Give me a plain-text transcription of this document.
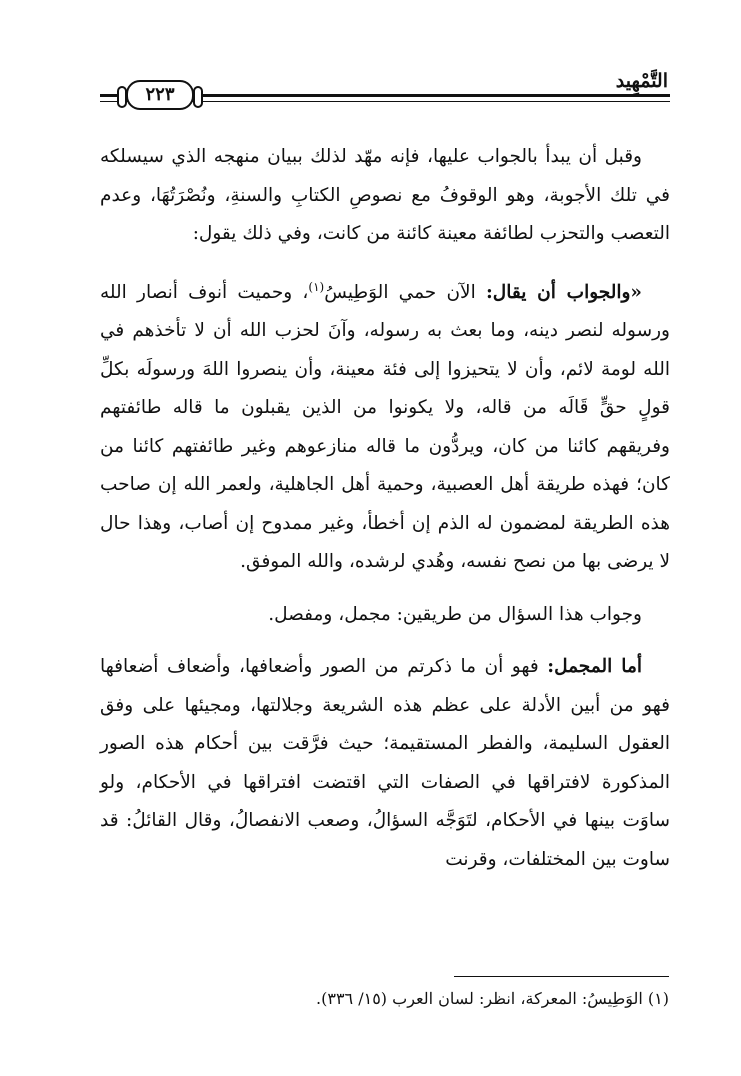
التَّمْهِيد
٢٢٣

وقبل أن يبدأ بالجواب عليها، فإنه مهّد لذلك ببيان منهجه الذي سيسلكه في تلك الأجوبة، وهو الوقوفُ مع نصوصِ الكتابِ والسنةِ، ونُصْرَتُهَا، وعدم التعصب والتحزب لطائفة معينة كائنة من كانت، وفي ذلك يقول:

«والجواب أن يقال: الآن حمي الوَطِيسُ$^{(١)}$، وحميت أنوف أنصار الله ورسوله لنصر دينه، وما بعث به رسوله، وآنَ لحزب الله أن لا تأخذهم في الله لومة لائم، وأن لا يتحيزوا إلى فئة معينة، وأن ينصروا اللهَ ورسولَه بكلِّ قولٍ حقٍّ قَالَه من قاله، ولا يكونوا من الذين يقبلون ما قاله طائفتهم وفريقهم كائنا من كان، ويردُّون ما قاله منازعوهم وغير طائفتهم كائنا من كان؛ فهذه طريقة أهل العصبية، وحمية أهل الجاهلية، ولعمر الله إن صاحب هذه الطريقة لمضمون له الذم إن أخطأ، وغير ممدوح إن أصاب، وهذا حال لا يرضى بها من نصح نفسه، وهُدي لرشده، والله الموفق.

وجواب هذا السؤال من طريقين: مجمل، ومفصل.

أما المجمل: فهو أن ما ذكرتم من الصور وأضعافها، وأضعاف أضعافها فهو من أبين الأدلة على عظم هذه الشريعة وجلالتها، ومجيئها على وفق العقول السليمة، والفطر المستقيمة؛ حيث فرَّقت بين أحكام هذه الصور المذكورة لافتراقها في الصفات التي اقتضت افتراقها في الأحكام، ولو ساوَت بينها في الأحكام، لتَوَجَّه السؤالُ، وصعب الانفصالُ، وقال القائلُ: قد ساوت بين المختلفات، وقرنت

(١) الوَطِيسُ: المعركة، انظر: لسان العرب (١٥/ ٣٣٦).
